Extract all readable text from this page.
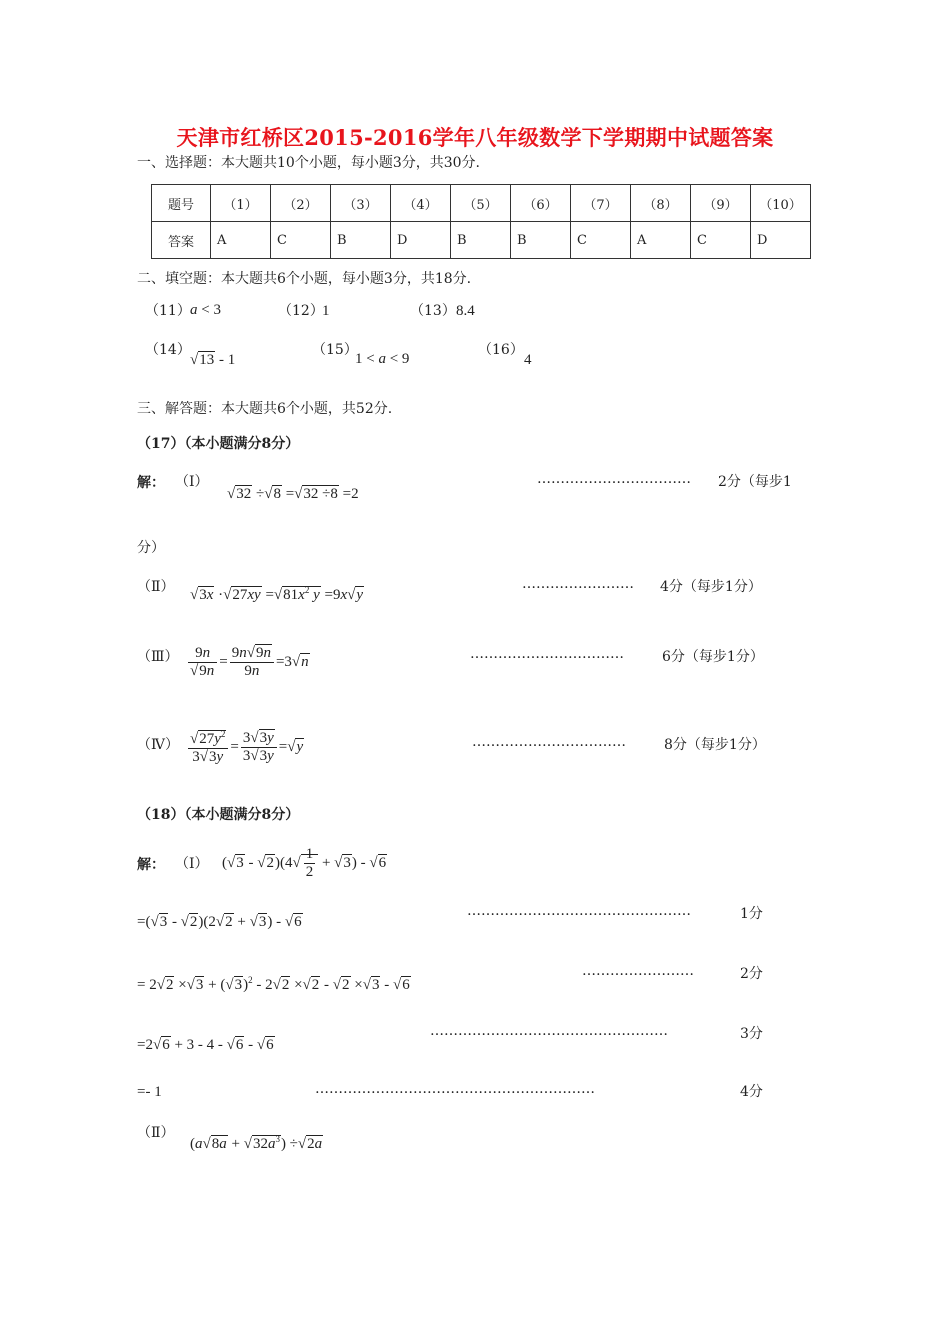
天津市红桥区2015-2016学年八年级数学下学期期中试题答案
一、选择题：本大题共10个小题，每小题3分，共30分.
题号	（1）	（2）	（3）	（4）	（5）	（6）	（7）	（8）	（9）	（10）
答案	A	C	B	D	B	B	C	A	C	D
二、填空题：本大题共6个小题，每小题3分，共18分.
（11） a < 3	（12）
1	（13） 8.4
（14）
√13 - 1
（15）
1 < a < 9
（16）
4
三、解答题：本大题共6个小题，共52分.
（17）（本小题满分8分）
解： （Ⅰ）
√32 ÷√8 =√32 ÷8 =2
…………………………… 2分（每步1
分）
（Ⅱ） $√3x \cdot√27xy =√81x^2$ y =9x√y
…………………… 4分（每步1分）
（Ⅲ） $\frac{9n}{√9n} = \frac{9n√9n}{9n} =3√n$	……………………………	6分（每步1分）
（Ⅳ） $\frac{√27y^2}{3√3y} = \frac{3√3y}{3√3y} =√y$	……………………………	8分（每步1分）
（18）（本小题满分8分）
解： （Ⅰ） $(√3 - √2)(4√ \frac{1}{2} + √3) - √6$
=(√3 - √2)(2√2 + √3) - √6
…………………………………………	1分
= $2√2 \times√3 + (√3)^2 - 2√2 \times√2 - √2 \times√3 - √6$
……………………	2分
=2√6 + 3 - 4 - √6 - √6
……………………………………………	3分
=- 1	……………………………………………………	4分
（Ⅱ）
$(a√8a + √32a^3) \div√2a$
